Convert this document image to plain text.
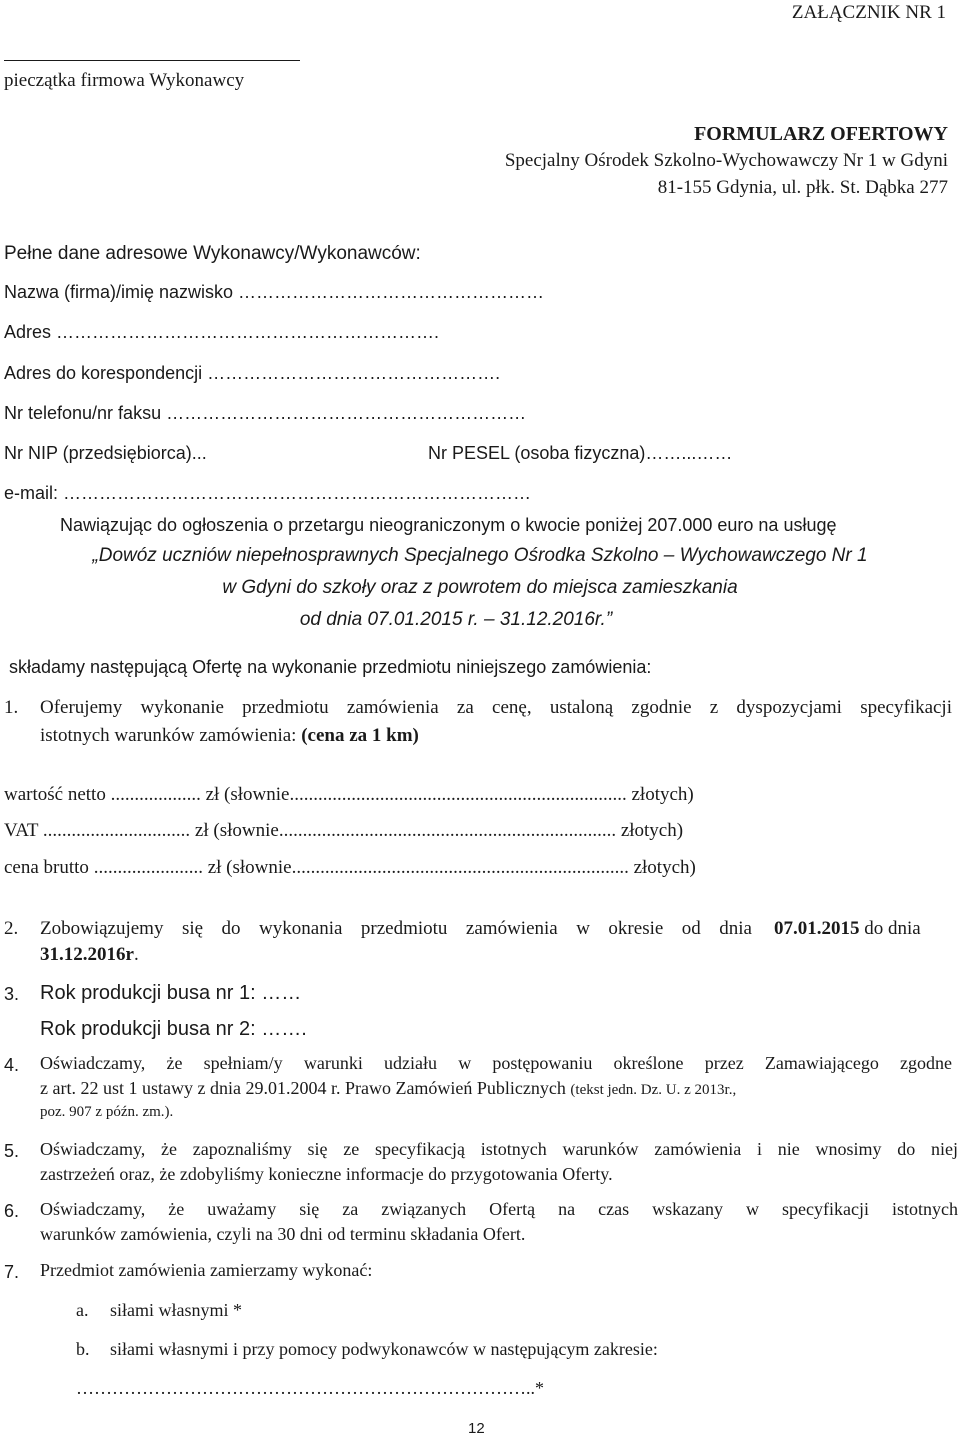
ZAŁĄCZNIK NR 1
pieczątka firmowa Wykonawcy
FORMULARZ OFERTOWY
Specjalny Ośrodek Szkolno-Wychowawczy Nr 1 w Gdyni
81-155 Gdynia, ul. płk. St. Dąbka 277
Pełne dane adresowe Wykonawcy/Wykonawców:
Nazwa (firma)/imię nazwisko ……………………………………………
Adres ……………………………………………………….
Adres do korespondencji ………………………………………….
Nr telefonu/nr faksu ……………………………………………………
Nr NIP (przedsiębiorca)...	Nr PESEL (osoba fizyczna)……...……
e-mail: ……………………………………………………………………
Nawiązując do ogłoszenia o przetargu nieograniczonym o kwocie poniżej 207.000 euro na usługę
„Dowóz uczniów niepełnosprawnych Specjalnego Ośrodka Szkolno – Wychowawczego Nr 1
w Gdyni do szkoły oraz z powrotem do miejsca zamieszkania
od dnia 07.01.2015 r. – 31.12.2016r.”
składamy następującą Ofertę na wykonanie przedmiotu niniejszego zamówienia:
1. Oferujemy wykonanie przedmiotu zamówienia za cenę, ustaloną zgodnie z dyspozycjami specyfikacji
istotnych warunków zamówienia: (cena za 1 km)
wartość netto ................... zł (słownie....................................................................... złotych)
VAT ............................... zł (słownie....................................................................... złotych)
cena brutto ....................... zł (słownie....................................................................... złotych)
2. Zobowiązujemy się do wykonania przedmiotu zamówienia w okresie od dnia 07.01.2015 do dnia
31.12.2016r.
3. Rok produkcji busa nr 1: ……
Rok produkcji busa nr 2: …….
4. Oświadczamy, że spełniam/y warunki udziału w postępowaniu określone przez Zamawiającego zgodne
z art. 22 ust 1 ustawy z dnia 29.01.2004 r. Prawo Zamówień Publicznych (tekst jedn. Dz. U. z 2013r.,
poz. 907 z późn. zm.).
5. Oświadczamy, że zapoznaliśmy się ze specyfikacją istotnych warunków zamówienia i nie wnosimy do niej
zastrzeżeń oraz, że zdobyliśmy konieczne informacje do przygotowania Oferty.
6. Oświadczamy, że uważamy się za związanych Ofertą na czas wskazany w specyfikacji istotnych
warunków zamówienia, czyli na 30 dni od terminu składania Ofert.
7. Przedmiot zamówienia zamierzamy wykonać:
a. siłami własnymi *
b. siłami własnymi i przy pomocy podwykonawców w następującym zakresie:
…………………………………………………………………..*
12
